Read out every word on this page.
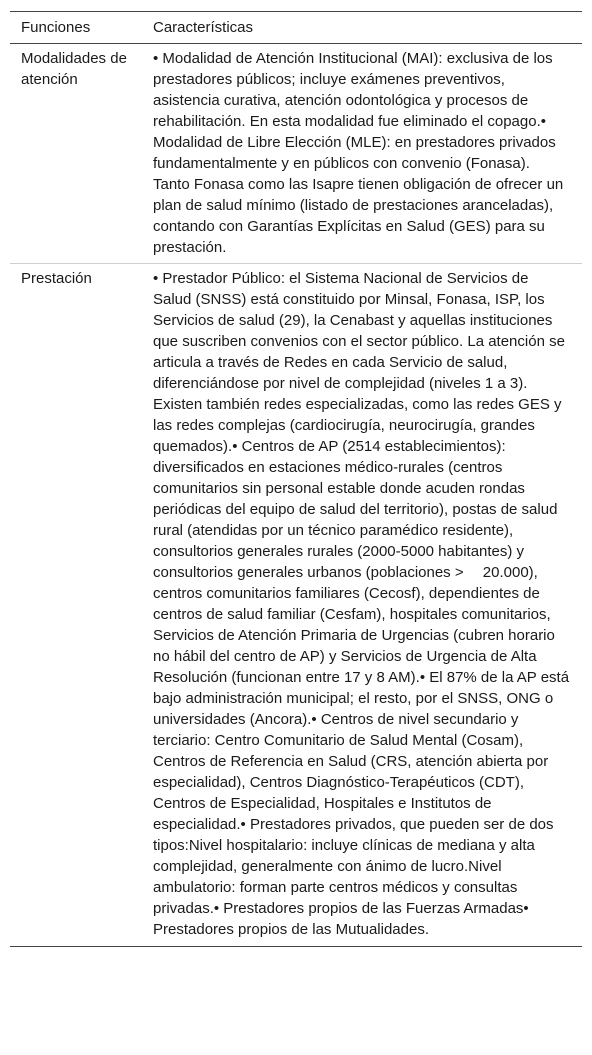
Funciones	Características
Modalidades de atención
• Modalidad de Atención Institucional (MAI): exclusiva de los prestadores públicos; incluye exámenes preventivos, asistencia curativa, atención odontológica y procesos de rehabilitación. En esta modalidad fue eliminado el copago.• Modalidad de Libre Elección (MLE): en prestadores privados fundamentalmente y en públicos con convenio (Fonasa). Tanto Fonasa como las Isapre tienen obligación de ofrecer un plan de salud mínimo (listado de prestaciones aranceladas), contando con Garantías Explícitas en Salud (GES) para su prestación.
Prestación	• Prestador Público: el Sistema Nacional de Servicios de Salud (SNSS) está constituido por Minsal, Fonasa, ISP, los Servicios de salud (29), la Cenabast y aquellas instituciones que suscriben convenios con el sector público. La atención se articula a través de Redes en cada Servicio de salud, diferenciándose por nivel de complejidad (niveles 1 a 3). Existen también redes especializadas, como las redes GES y las redes complejas (cardiocirugía, neurocirugía, grandes quemados).• Centros de AP (2514 establecimientos): diversificados en estaciones médico-rurales (centros comunitarios sin personal estable donde acuden rondas periódicas del equipo de salud del territorio), postas de salud rural (atendidas por un técnico paramédico residente), consultorios generales rurales (2000-5000 habitantes) y consultorios generales urbanos (poblaciones >  20.000), centros comunitarios familiares (Cecosf), dependientes de centros de salud familiar (Cesfam), hospitales comunitarios, Servicios de Atención Primaria de Urgencias (cubren horario no hábil del centro de AP) y Servicios de Urgencia de Alta Resolución (funcionan entre 17 y 8 AM).• El 87% de la AP está bajo administración municipal; el resto, por el SNSS, ONG o universidades (Ancora).• Centros de nivel secundario y terciario: Centro Comunitario de Salud Mental (Cosam), Centros de Referencia en Salud (CRS, atención abierta por especialidad), Centros Diagnóstico-Terapéuticos (CDT), Centros de Especialidad, Hospitales e Institutos de especialidad.• Prestadores privados, que pueden ser de dos tipos:Nivel hospitalario: incluye clínicas de mediana y alta complejidad, generalmente con ánimo de lucro.Nivel ambulatorio: forman parte centros médicos y consultas privadas.• Prestadores propios de las Fuerzas Armadas• Prestadores propios de las Mutualidades.
